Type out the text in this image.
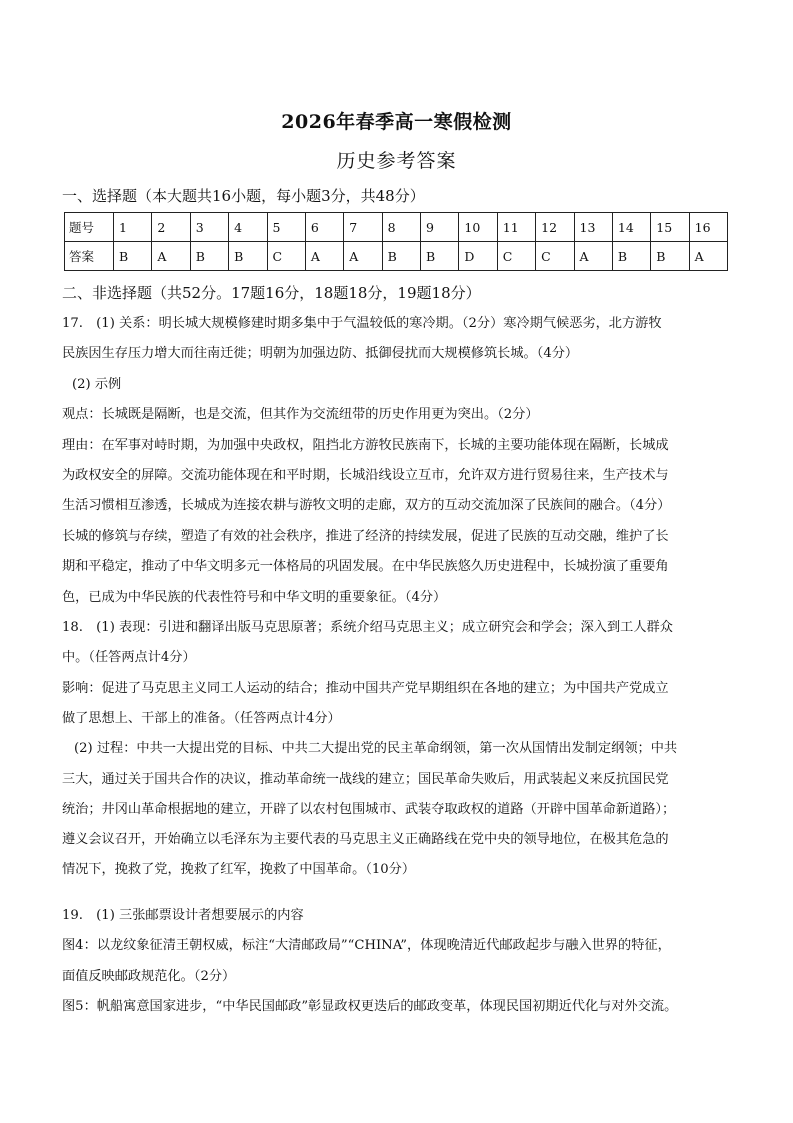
2026年春季高一寒假检测
历史参考答案
一、选择题（本大题共16小题，每小题3分，共48分）
题号	1	2	3	4	5	6	7	8	9	10	11	12	13	14	15	16
答案	B	A	B	B	C	A	A	B	B	D	C	C	A	B	B	A
二、非选择题（共52分。17题16分，18题18分，19题18分）
17.　(1) 关系：明长城大规模修建时期多集中于气温较低的寒冷期。（2分）寒冷期气候恶劣，北方游牧
民族因生存压力增大而往南迁徙；明朝为加强边防、抵御侵扰而大规模修筑长城。（4分）
(2) 示例
观点：长城既是隔断，也是交流，但其作为交流纽带的历史作用更为突出。（2分）
理由：在军事对峙时期，为加强中央政权，阻挡北方游牧民族南下，长城的主要功能体现在隔断，长城成
为政权安全的屏障。交流功能体现在和平时期，长城沿线设立互市，允许双方进行贸易往来，生产技术与
生活习惯相互渗透，长城成为连接农耕与游牧文明的走廊，双方的互动交流加深了民族间的融合。（4分）
长城的修筑与存续，塑造了有效的社会秩序，推进了经济的持续发展，促进了民族的互动交融，维护了长
期和平稳定，推动了中华文明多元一体格局的巩固发展。在中华民族悠久历史进程中，长城扮演了重要角
色，已成为中华民族的代表性符号和中华文明的重要象征。（4分）
18.　(1) 表现：引进和翻译出版马克思原著；系统介绍马克思主义；成立研究会和学会；深入到工人群众
中。（任答两点计4分）
影响：促进了马克思主义同工人运动的结合；推动中国共产党早期组织在各地的建立；为中国共产党成立
做了思想上、干部上的准备。（任答两点计4分）
(2) 过程：中共一大提出党的目标、中共二大提出党的民主革命纲领，第一次从国情出发制定纲领；中共
三大，通过关于国共合作的决议，推动革命统一战线的建立；国民革命失败后，用武装起义来反抗国民党
统治；井冈山革命根据地的建立，开辟了以农村包围城市、武装夺取政权的道路（开辟中国革命新道路）；
遵义会议召开，开始确立以毛泽东为主要代表的马克思主义正确路线在党中央的领导地位，在极其危急的
情况下，挽救了党，挽救了红军，挽救了中国革命。（10分）
19.　(1) 三张邮票设计者想要展示的内容
图4：以龙纹象征清王朝权威，标注“大清邮政局”“CHINA”，体现晚清近代邮政起步与融入世界的特征，
面值反映邮政规范化。（2分）
图5：帆船寓意国家进步，“中华民国邮政”彰显政权更迭后的邮政变革，体现民国初期近代化与对外交流。
